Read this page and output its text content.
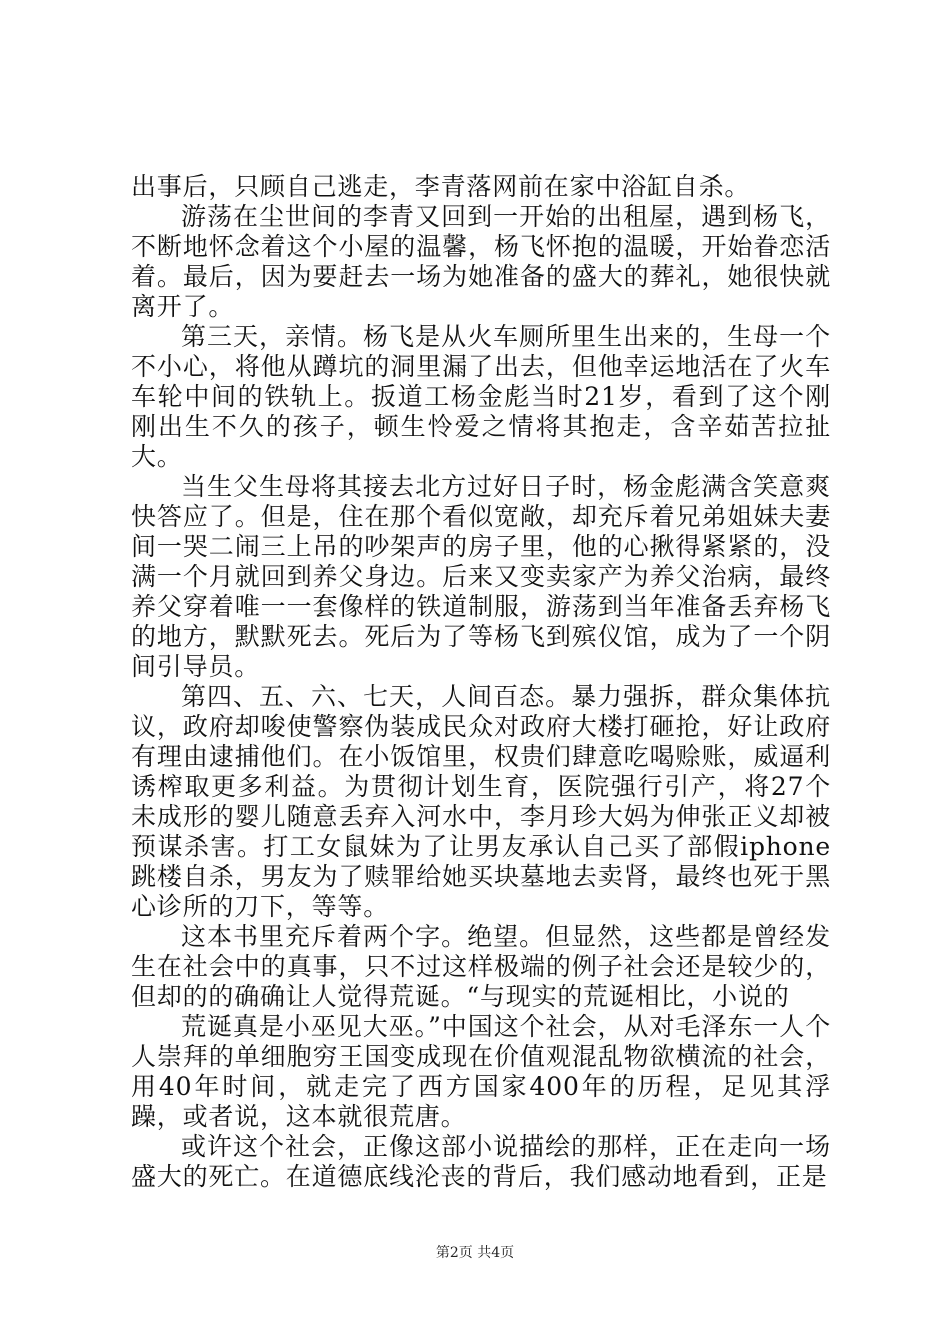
出事后，只顾自己逃走，李青落网前在家中浴缸自杀。

游荡在尘世间的李青又回到一开始的出租屋，遇到杨飞，不断地怀念着这个小屋的温馨，杨飞怀抱的温暖，开始眷恋活着。最后，因为要赶去一场为她准备的盛大的葬礼，她很快就离开了。

第三天，亲情。杨飞是从火车厕所里生出来的，生母一个不小心，将他从蹲坑的洞里漏了出去，但他幸运地活在了火车车轮中间的铁轨上。扳道工杨金彪当时21岁，看到了这个刚刚出生不久的孩子，顿生怜爱之情将其抱走，含辛茹苦拉扯大。

当生父生母将其接去北方过好日子时，杨金彪满含笑意爽快答应了。但是，住在那个看似宽敞，却充斥着兄弟姐妹夫妻间一哭二闹三上吊的吵架声的房子里，他的心揪得紧紧的，没满一个月就回到养父身边。后来又变卖家产为养父治病，最终养父穿着唯一一套像样的铁道制服，游荡到当年准备丢弃杨飞的地方，默默死去。死后为了等杨飞到殡仪馆，成为了一个阴间引导员。

第四、五、六、七天，人间百态。暴力强拆，群众集体抗议，政府却唆使警察伪装成民众对政府大楼打砸抢，好让政府有理由逮捕他们。在小饭馆里，权贵们肆意吃喝赊账，威逼利诱榨取更多利益。为贯彻计划生育，医院强行引产，将27个未成形的婴儿随意丢弃入河水中，李月珍大妈为伸张正义却被预谋杀害。打工女鼠妹为了让男友承认自己买了部假iphone跳楼自杀，男友为了赎罪给她买块墓地去卖肾，最终也死于黑心诊所的刀下，等等。

这本书里充斥着两个字。绝望。但显然，这些都是曾经发生在社会中的真事，只不过这样极端的例子社会还是较少的，但却的的确确让人觉得荒诞。“与现实的荒诞相比，小说的

荒诞真是小巫见大巫。”中国这个社会，从对毛泽东一人个人崇拜的单细胞穷王国变成现在价值观混乱物欲横流的社会，用40年时间，就走完了西方国家400年的历程，足见其浮躁，或者说，这本就很荒唐。

或许这个社会，正像这部小说描绘的那样，正在走向一场盛大的死亡。在道德底线沦丧的背后，我们感动地看到，正是

第2页 共4页
